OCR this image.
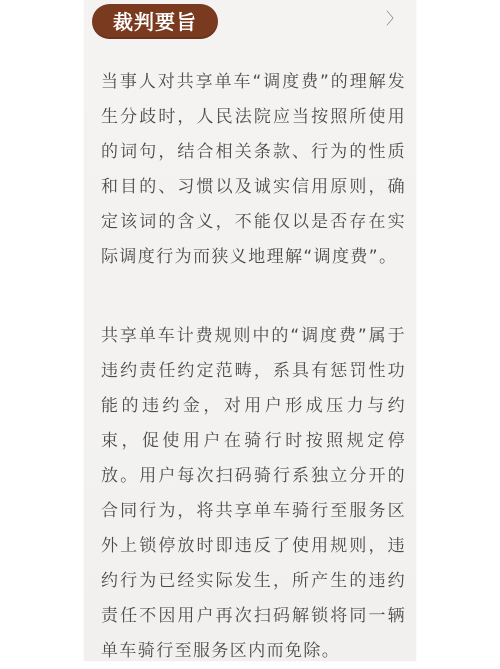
裁判要旨	〉

当事人对共享单车“调度费”的理解发生分歧时，人民法院应当按照所使用的词句，结合相关条款、行为的性质和目的、习惯以及诚实信用原则，确定该词的含义，不能仅以是否存在实际调度行为而狭义地理解“调度费”。

共享单车计费规则中的“调度费”属于违约责任约定范畴，系具有惩罚性功能的违约金，对用户形成压力与约束，促使用户在骑行时按照规定停放。用户每次扫码骑行系独立分开的合同行为，将共享单车骑行至服务区外上锁停放时即违反了使用规则，违约行为已经实际发生，所产生的违约责任不因用户再次扫码解锁将同一辆单车骑行至服务区内而免除。
